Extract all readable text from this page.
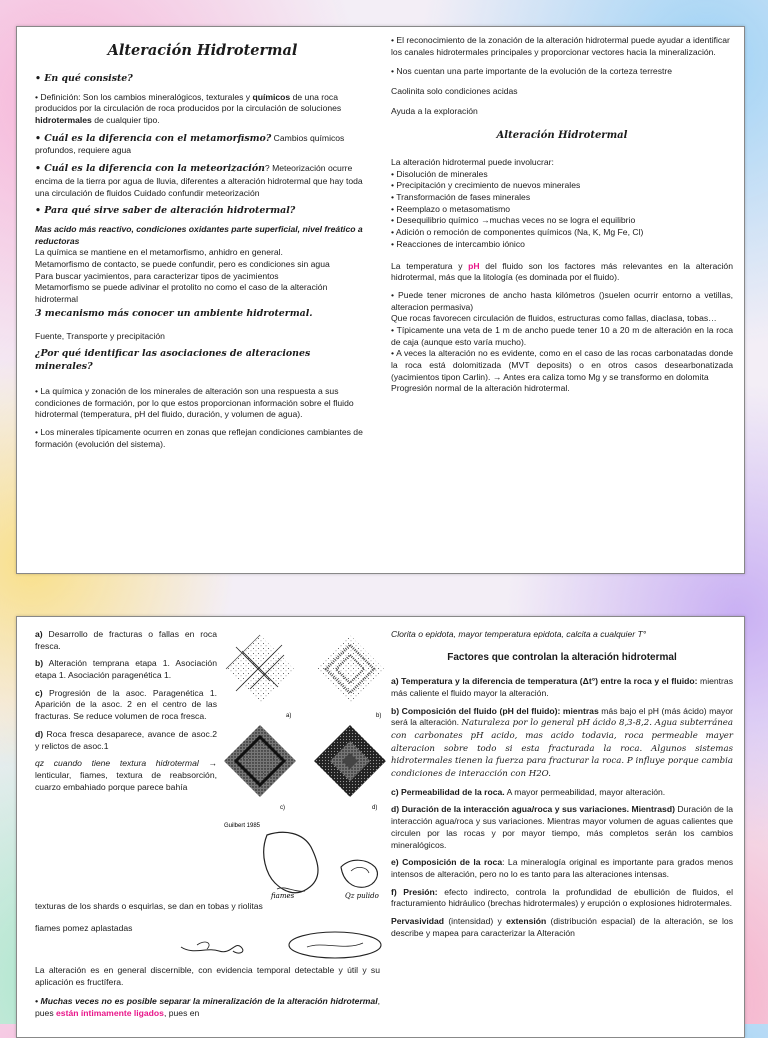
Alteración Hidrotermal

• En qué consiste?

• Definición: Son los cambios mineralógicos, texturales y químicos de una roca producidos por la circulación de roca producidos por la circulación de soluciones hidrotermales de cualquier tipo.

• Cuál es la diferencia con el metamorfismo? Cambios químicos profundos, requiere agua

• Cuál es la diferencia con la meteorización? Meteorización ocurre encima de la tierra por agua de lluvia, diferentes a alteración hidrotermal que hay toda una circulación de fluidos Cuidado confundir meteorización

• Para qué sirve saber de alteración hidrotermal?

Mas acido más reactivo, condiciones oxidantes parte superficial, nivel freático a reductoras
La química se mantiene en el metamorfismo, anhidro en general.
Metamorfismo de contacto, se puede confundir, pero es condiciones sin agua
Para buscar yacimientos, para caracterizar tipos de yacimientos
Metamorfismo se puede adivinar el protolito no como el caso de la alteración hidrotermal

3 mecanismo más conocer un ambiente hidrotermal.

Fuente, Transporte y precipitación

¿Por qué identificar las asociaciones de alteraciones minerales?

• La química y zonación de los minerales de alteración son una respuesta a sus condiciones de formación, por lo que estos proporcionan información sobre el fluido hidrotermal (temperatura, pH del fluido, duración, y volumen de agua).

• Los minerales típicamente ocurren en zonas que reflejan condiciones cambiantes de formación (evolución del sistema).

• El reconocimiento de la zonación de la alteración hidrotermal puede ayudar a identificar los canales hidrotermales principales y proporcionar vectores hacia la mineralización.

• Nos cuentan una parte importante de la evolución de la corteza terrestre

Caolinita solo condiciones acidas

Ayuda a la exploración

Alteración Hidrotermal
La alteración hidrotermal puede involucrar:
• Disolución de minerales
• Precipitación y crecimiento de nuevos minerales
• Transformación de fases minerales
• Reemplazo o metasomatismo
• Desequilibrio químico →muchas veces no se logra el equilibrio
• Adición o remoción de componentes químicos (Na, K, Mg Fe, Cl)
• Reacciones de intercambio iónico

La temperatura y pH del fluido son los factores más relevantes en la alteración hidrotermal, más que la litología (es dominada por el fluido).

• Puede tener micrones de ancho hasta kilómetros ()suelen ocurrir entorno a vetillas, alteracion permasiva)
Que rocas favorecen circulación de fluidos, estructuras como fallas, diaclasa, tobas…
• Típicamente una veta de 1 m de ancho puede tener 10 a 20 m de alteración en la roca de caja (aunque esto varía mucho).
• A veces la alteración no es evidente, como en el caso de las rocas carbonatadas donde la roca está dolomitizada (MVT deposits) o en otros casos desearbonatizada (yacimientos tipon Carlin). → Antes era caliza tomo Mg y se transformo en dolomita
Progresión normal de la alteración hidrotermal.

a) Desarrollo de fracturas o fallas en roca fresca.

b) Alteración temprana etapa 1. Asociación etapa 1. Asociación paragenética 1.

c) Progresión de la asoc. Paragenética 1. Aparición de la asoc. 2 en el centro de las fracturas. Se reduce volumen de roca fresca.

d) Roca fresca desaparece, avance de asoc.2 y relictos de asoc.1

qz cuando tiene textura hidrotermal → lenticular, fiames, textura de reabsorción, cuarzo embahiado porque parece bahía

a)	b)
c)	d)
Guilbert 1985
fiames	Qz pulido

texturas de los shards o esquirlas, se dan en tobas y riolitas

fiames pomez aplastadas

La alteración es en general discernible, con evidencia temporal detectable y útil y su aplicación es fructífera.

• Muchas veces no es posible separar la mineralización de la alteración hidrotermal, pues están íntimamente ligados, pues en

Clorita o epidota, mayor temperatura epidota, calcita a cualquier T°

Factores que controlan la alteración hidrotermal

a) Temperatura y la diferencia de temperatura (Δt°) entre la roca y el fluido: mientras más caliente el fluido mayor la alteración.

b) Composición del fluido (pH del fluido): mientras más bajo el pH (más ácido) mayor será la alteración. Naturaleza por lo general pH ácido 8,3-8,2. Agua subterránea con carbonates pH acido, mas acido todavia, roca permeable mayer alteracion sobre todo si esta fracturada la roca. Algunos sistemas hidrotermales tienen la fuerza para fracturar la roca. P influye porque cambia condiciones de interacción con H2O.

c) Permeabilidad de la roca. A mayor permeabilidad, mayor alteración.

d) Duración de la interacción agua/roca y sus variaciones. Mientrasd) Duración de la interacción agua/roca y sus variaciones. Mientras mayor volumen de aguas calientes que circulen por las rocas y por mayor tiempo, más completos serán los cambios mineralógicos.

e) Composición de la roca: La mineralogía original es importante para grados menos intensos de alteración, pero no lo es tanto para las alteraciones intensas.

f) Presión: efecto indirecto, controla la profundidad de ebullición de fluidos, el fracturamiento hidráulico (brechas hidrotermales) y erupción o explosiones hidrotermales.

Pervasividad (intensidad) y extensión (distribución espacial) de la alteración, se los describe y mapea para caracterizar la Alteración
